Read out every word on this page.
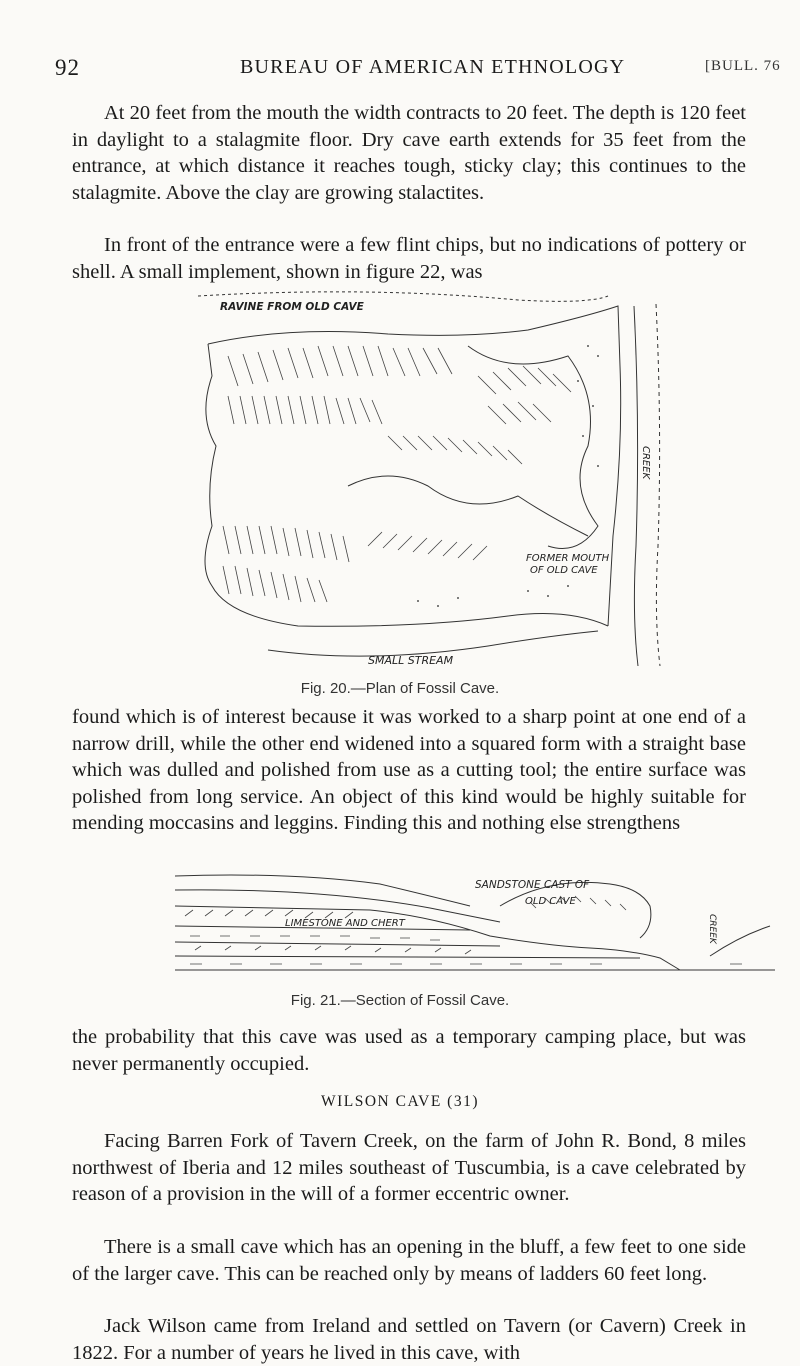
92	BUREAU OF AMERICAN ETHNOLOGY	[BULL. 76
At 20 feet from the mouth the width contracts to 20 feet. The depth is 120 feet in daylight to a stalagmite floor. Dry cave earth extends for 35 feet from the entrance, at which distance it reaches tough, sticky clay; this continues to the stalagmite. Above the clay are growing stalactites.
In front of the entrance were a few flint chips, but no indications of pottery or shell. A small implement, shown in figure 22, was
RAVINE FROM OLD CAVE
CREEK
FORMER MOUTH
OF OLD CAVE
SMALL STREAM
Fig. 20.—Plan of Fossil Cave.
found which is of interest because it was worked to a sharp point at one end of a narrow drill, while the other end widened into a squared form with a straight base which was dulled and polished from use as a cutting tool; the entire surface was polished from long service. An object of this kind would be highly suitable for mending moccasins and leggins. Finding this and nothing else strengthens
SANDSTONE CAST OF
OLD CAVE
LIMESTONE AND CHERT	CREEK
Fig. 21.—Section of Fossil Cave.
the probability that this cave was used as a temporary camping place, but was never permanently occupied.
WILSON CAVE (31)
Facing Barren Fork of Tavern Creek, on the farm of John R. Bond, 8 miles northwest of Iberia and 12 miles southeast of Tuscumbia, is a cave celebrated by reason of a provision in the will of a former eccentric owner.
There is a small cave which has an opening in the bluff, a few feet to one side of the larger cave. This can be reached only by means of ladders 60 feet long.
Jack Wilson came from Ireland and settled on Tavern (or Cavern) Creek in 1822. For a number of years he lived in this cave, with
